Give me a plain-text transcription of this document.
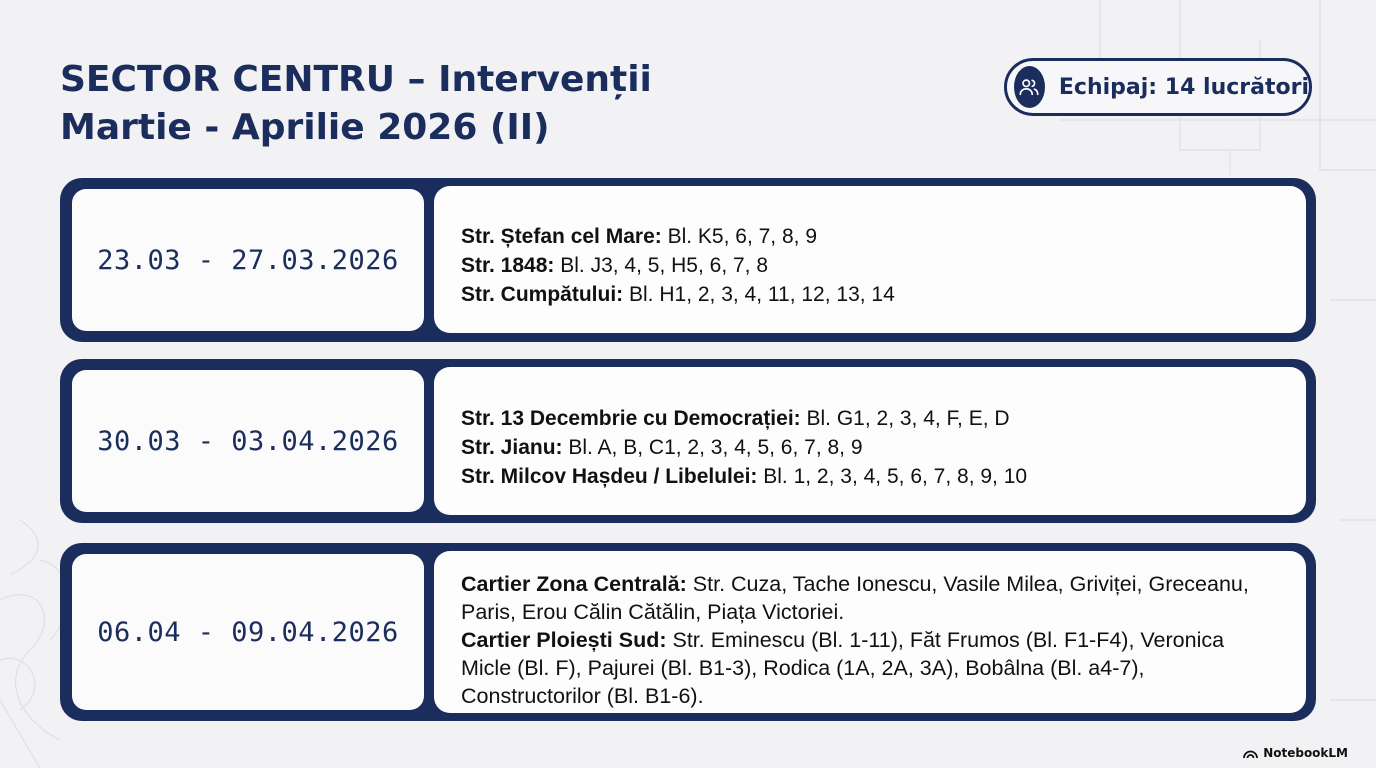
SECTOR CENTRU – Intervenții
Martie - Aprilie 2026 (II)
Echipaj: 14 lucrători
23.03 - 27.03.2026
Str. Ștefan cel Mare: Bl. K5, 6, 7, 8, 9
Str. 1848: Bl. J3, 4, 5, H5, 6, 7, 8
Str. Cumpătului: Bl. H1, 2, 3, 4, 11, 12, 13, 14
30.03 - 03.04.2026
Str. 13 Decembrie cu Democrației: Bl. G1, 2, 3, 4, F, E, D
Str. Jianu: Bl. A, B, C1, 2, 3, 4, 5, 6, 7, 8, 9
Str. Milcov Hașdeu / Libelulei: Bl. 1, 2, 3, 4, 5, 6, 7, 8, 9, 10
06.04 - 09.04.2026

Cartier Zona Centrală: Str. Cuza, Tache Ionescu, Vasile Milea, Griviței, Greceanu, Paris, Erou Călin Cătălin, Piața Victoriei.

Cartier Ploiești Sud: Str. Eminescu (Bl. 1-11), Făt Frumos (Bl. F1-F4), Veronica Micle (Bl. F), Pajurei (Bl. B1-3), Rodica (1A, 2A, 3A), Bobâlna (Bl. a4-7), Constructorilor (Bl. B1-6).

NotebookLM
